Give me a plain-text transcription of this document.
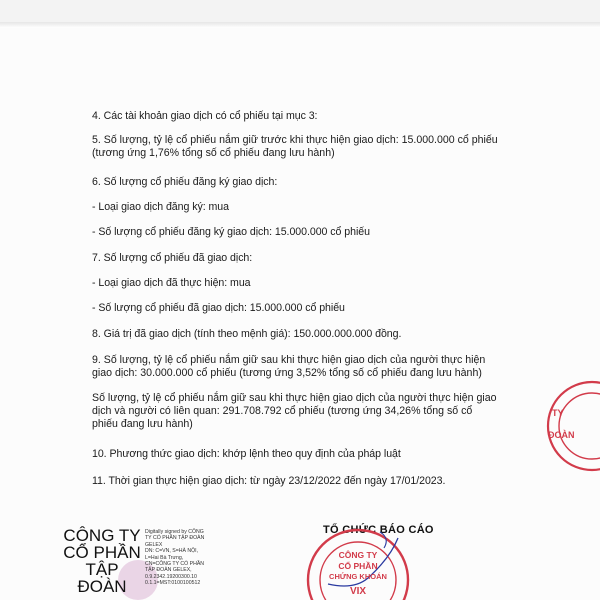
4. Các tài khoản giao dịch có cổ phiếu tại mục 3:
5. Số lượng, tỷ lệ cổ phiếu nắm giữ trước khi thực hiện giao dịch: 15.000.000 cổ phiếu
(tương ứng 1,76% tổng số cổ phiếu đang lưu hành)
6. Số lượng cổ phiếu đăng ký giao dịch:
- Loại giao dịch đăng ký: mua
- Số lượng cổ phiếu đăng ký giao dịch: 15.000.000 cổ phiếu
7. Số lượng cổ phiếu đã giao dịch:
- Loại giao dịch đã thực hiện: mua
- Số lượng cổ phiếu đã giao dịch: 15.000.000 cổ phiếu
8. Giá trị đã giao dịch (tính theo mệnh giá): 150.000.000.000 đồng.
9. Số lượng, tỷ lệ cổ phiếu nắm giữ sau khi thực hiện giao dịch của người thực hiện
giao dịch: 30.000.000 cổ phiếu (tương ứng 3,52% tổng số cổ phiếu đang lưu hành)
Số lượng, tỷ lệ cổ phiếu nắm giữ sau khi thực hiện giao dịch của người thực hiện giao
dịch và người có liên quan: 291.708.792 cổ phiếu (tương ứng 34,26% tổng số cổ
phiếu đang lưu hành)
10. Phương thức giao dịch: khớp lệnh theo quy định của pháp luật
11. Thời gian thực hiện giao dịch: từ ngày 23/12/2022 đến ngày 17/01/2023.
TY
ĐOÀN
CÔNG TY
CỔ PHẦN
TẬP
ĐOÀN
Digitally signed by CÔNG
TY CỔ PHẦN TẬP ĐOÀN
GELEX
DN: C=VN, S=HÀ NỘI,
L=Hai Bà Trưng,
CN=CÔNG TY CỔ PHẦN
TẬP ĐOÀN GELEX,
0.9.2342.19200300.10
0.1.1=MST:0100100512
TỔ CHỨC BÁO CÁO
CÔNG TY
CỔ PHẦN
CHỨNG KHOÁN
VIX
